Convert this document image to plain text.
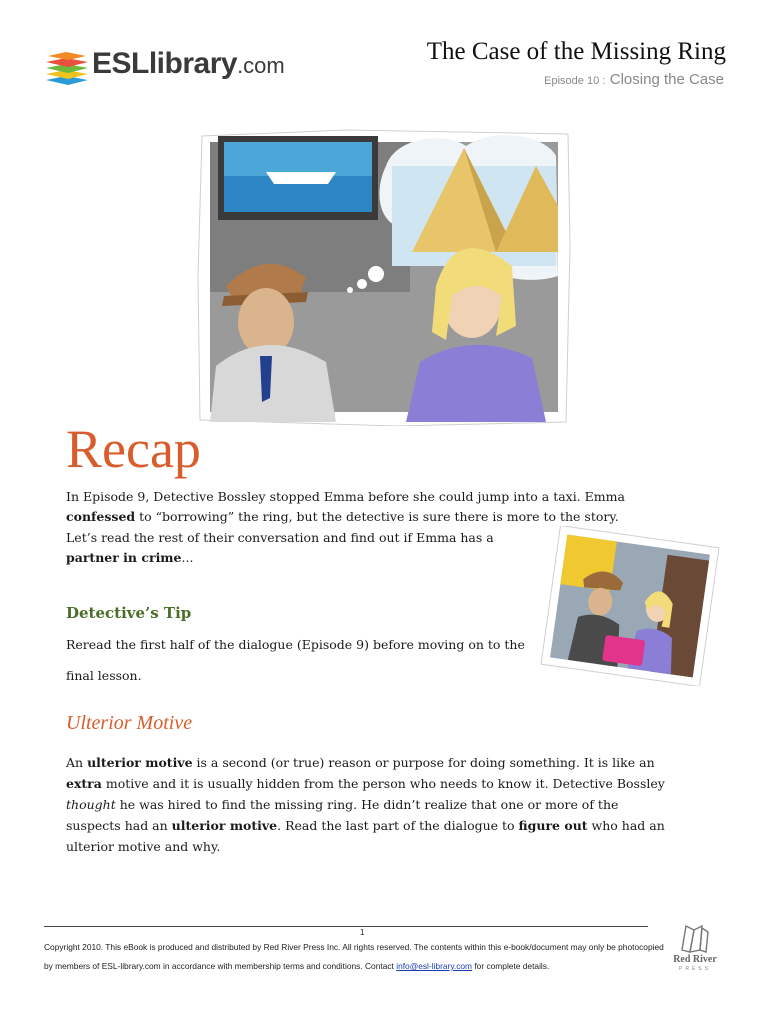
ESLlibrary.com
The Case of the Missing Ring
Episode 10 : Closing the Case
Recap
In Episode 9, Detective Bossley stopped Emma before she could jump into a taxi. Emma confessed to “borrowing” the ring, but the detective is sure there is more to the story.
Let’s read the rest of their conversation and find out if Emma has a partner in crime...
Detective’s Tip
Reread the first half of the dialogue (Episode 9) before moving on to the final lesson.
Ulterior Motive
An ulterior motive is a second (or true) reason or purpose for doing something. It is like an extra motive and it is usually hidden from the person who needs to know it. Detective Bossley thought he was hired to find the missing ring. He didn’t realize that one or more of the suspects had an ulterior motive. Read the last part of the dialogue to figure out who had an ulterior motive and why.
1
Copyright 2010. This eBook is produced and distributed by Red River Press Inc. All rights reserved. The contents within this e-book/document may only be photocopied by members of ESL-library.com in accordance with membership terms and conditions. Contact info@esl-library.com for complete details.
Red River
PRESS
